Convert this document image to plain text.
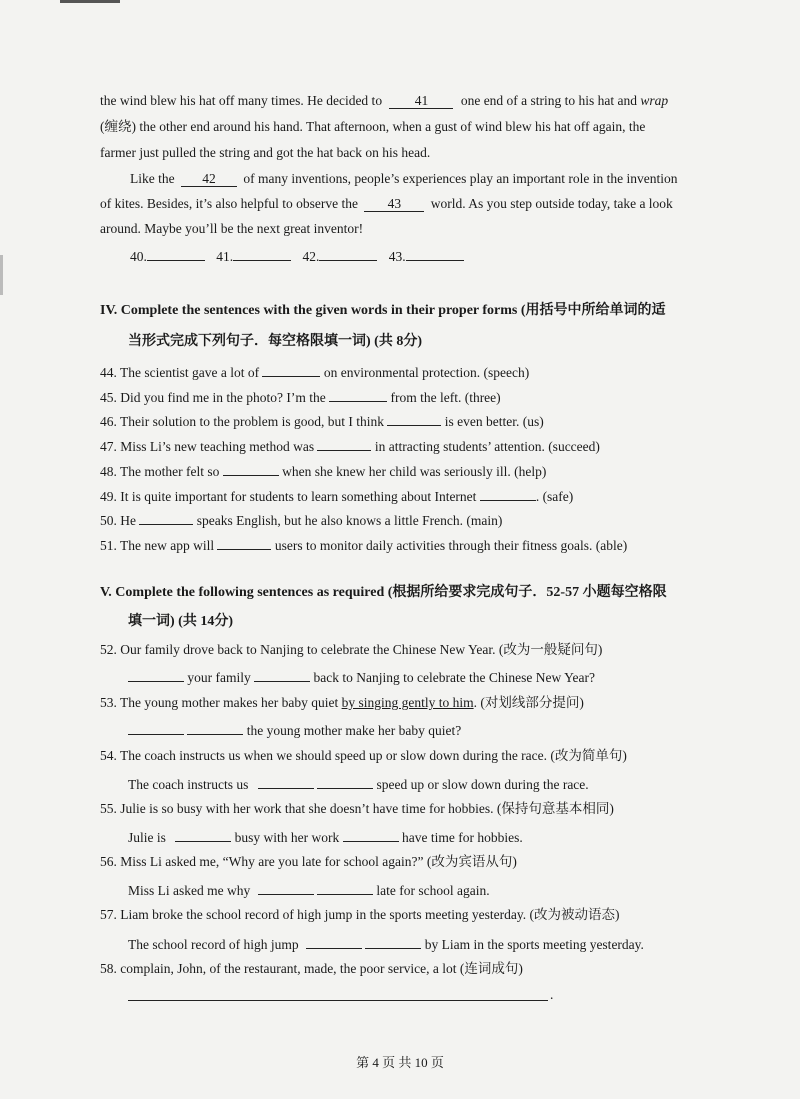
the wind blew his hat off many times. He decided to 41 one end of a string to his hat and wrap
(缠绕) the other end around his hand. That afternoon, when a gust of wind blew his hat off again, the
farmer just pulled the string and got the hat back on his head.
Like the 42 of many inventions, people’s experiences play an important role in the invention
of kites. Besides, it’s also helpful to observe the 43 world. As you step outside today, take a look
around. Maybe you’ll be the next great inventor!
40.	41.	42.	43.
IV. Complete the sentences with the given words in their proper forms (用括号中所给单词的适
当形式完成下列句子．每空格限填一词) (共 8分)
44. The scientist gave a lot of	on environmental protection. (speech)
45. Did you find me in the photo? I’m the	from the left. (three)
46. Their solution to the problem is good, but I think	is even better. (us)
47. Miss Li’s new teaching method was	in attracting students’ attention. (succeed)
48. The mother felt so	when she knew her child was seriously ill. (help)
49. It is quite important for students to learn something about Internet	. (safe)
50. He	speaks English, but he also knows a little French. (main)
51. The new app will	users to monitor daily activities through their fitness goals. (able)
V. Complete the following sentences as required (根据所给要求完成句子．52-57 小题每空格限
填一词) (共 14分)
52. Our family drove back to Nanjing to celebrate the Chinese New Year. (改为一般疑问句)
your family	back to Nanjing to celebrate the Chinese New Year?
53. The young mother makes her baby quiet by singing gently to him. (对划线部分提问)
the young mother make her baby quiet?
54. The coach instructs us when we should speed up or slow down during the race. (改为简单句)
The coach instructs us	speed up or slow down during the race.
55. Julie is so busy with her work that she doesn’t have time for hobbies. (保持句意基本相同)
Julie is	busy with her work	have time for hobbies.
56. Miss Li asked me, “Why are you late for school again?” (改为宾语从句)
Miss Li asked me why	late for school again.
57. Liam broke the school record of high jump in the sports meeting yesterday. (改为被动语态)
The school record of high jump	by Liam in the sports meeting yesterday.
58. complain, John, of the restaurant, made, the poor service, a lot (连词成句)
.
第 4 页 共 10 页
